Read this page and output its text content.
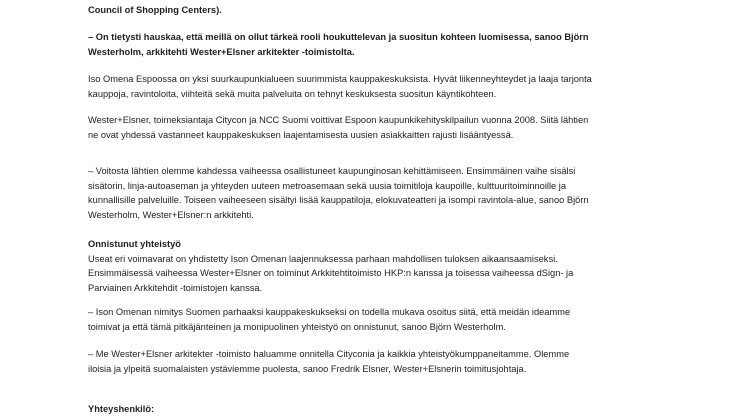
Council of Shopping Centers).

– On tietysti hauskaa, että meillä on ollut tärkeä rooli houkuttelevan ja suositun kohteen luomisessa, sanoo Björn
Westerholm, arkkitehti Wester+Elsner arkitekter -toimistolta.

Iso Omena Espoossa on yksi suurkaupunkialueen suurimmista kauppakeskuksista. Hyvät liikenneyhteydet ja laaja tarjonta
kauppoja, ravintoloita, viihteitä sekä muita palveluita on tehnyt keskuksesta suositun käyntikohteen.

Wester+Elsner, toimeksiantaja Citycon ja NCC Suomi voittivat Espoon kaupunkikehityskilpailun vuonna 2008. Siitä lähtien
ne ovat yhdessä vastanneet kauppakeskuksen laajentamisesta uusien asiakkaitten rajusti lisääntyessä.

– Voitosta lähtien olemme kahdessa vaiheessa osallistuneet kaupunginosan kehittämiseen. Ensimmäinen vaihe sisälsi
sisätorin, linja-autoaseman ja yhteyden uuteen metroasemaan sekä uusia toimitiloja kaupoille, kulttuuritoiminnoille ja
kunnallisille palveluille. Toiseen vaiheeseen sisältyi lisää kauppatiloja, elokuvateatteri ja isompi ravintola-alue, sanoo Björn
Westerholm, Wester+Elsner:n arkkitehti.

Onnistunut yhteistyö
Useat eri voimavarat on yhdistetty Ison Omenan laajennuksessa parhaan mahdollisen tuloksen aikaansaamiseksi.
Ensimmäisessä vaiheessa Wester+Elsner on toiminut Arkkitehtitoimisto HKP:n kanssa ja toisessa vaiheessa dSign- ja
Parviainen Arkkitehdit -toimistojen kanssa.

– Ison Omenan nimitys Suomen parhaaksi kauppakeskukseksi on todella mukava osoitus siitä, että meidän ideamme
toimivat ja että tämä pitkäjänteinen ja monipuolinen yhteistyö on onnistunut, sanoo Björn Westerholm.

– Me Wester+Elsner arkitekter -toimisto haluamme onnitella Cityconia ja kaikkia yhteistyökumppaneitamme. Olemme
iloisia ja ylpeitä suomalaisten ystäviemme puolesta, sanoo Fredrik Elsner, Wester+Elsnerin toimitusjohtaja.

Yhteyshenkilö:
